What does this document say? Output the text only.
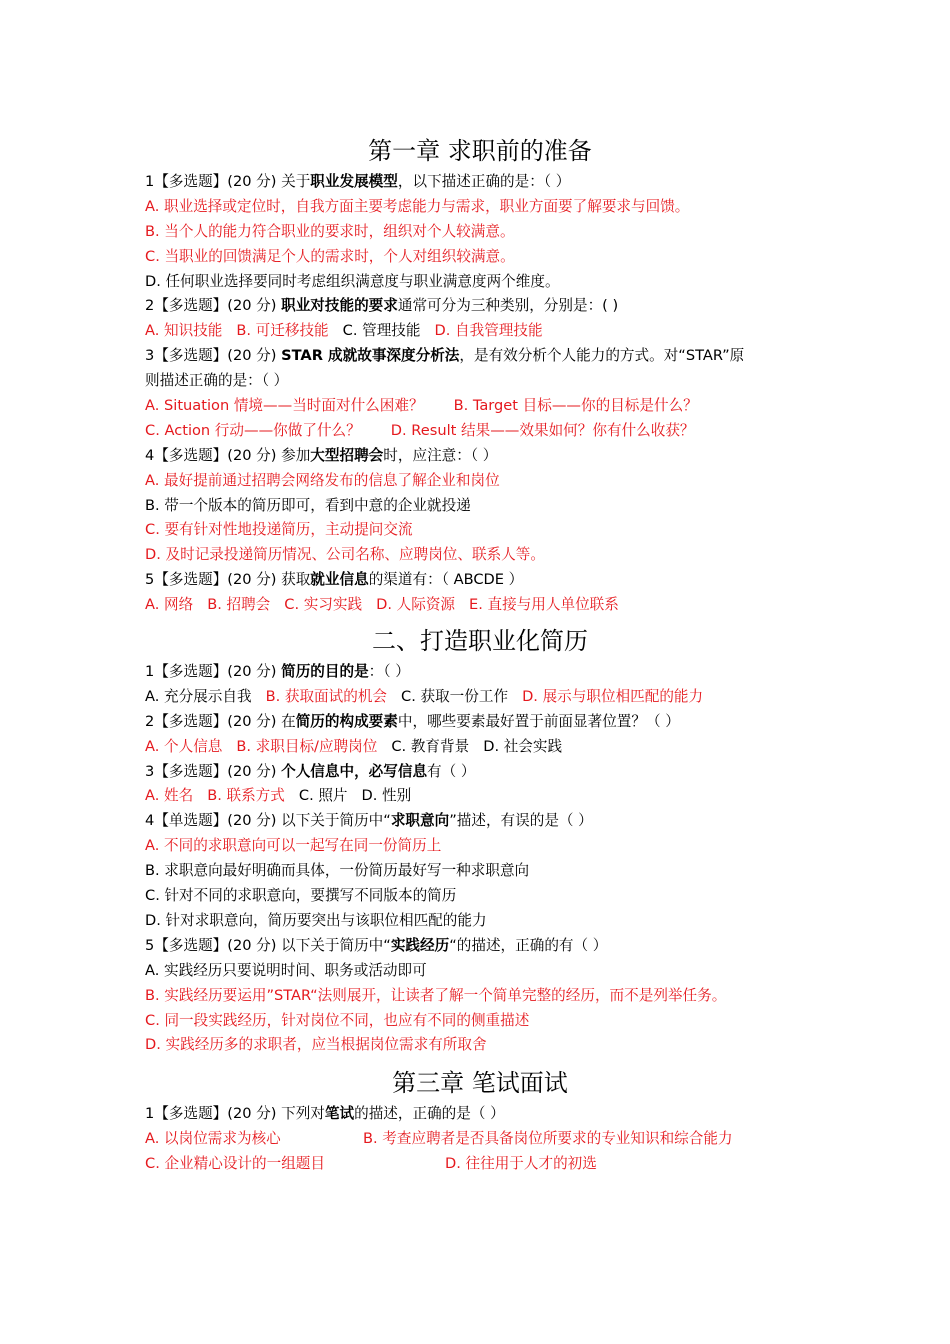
第一章 求职前的准备
1【多选题】(20 分) 关于职业发展模型，以下描述正确的是：（ ）
A. 职业选择或定位时，自我方面主要考虑能力与需求，职业方面要了解要求与回馈。
B. 当个人的能力符合职业的要求时，组织对个人较满意。
C. 当职业的回馈满足个人的需求时，个人对组织较满意。
D. 任何职业选择要同时考虑组织满意度与职业满意度两个维度。
2【多选题】(20 分) 职业对技能的要求通常可分为三种类别，分别是：( )
A. 知识技能 B. 可迁移技能 C. 管理技能 D. 自我管理技能
3【多选题】(20 分) STAR 成就故事深度分析法，是有效分析个人能力的方式。对“STAR”原
则描述正确的是：（ ）
A. Situation 情境——当时面对什么困难？ B. Target 目标——你的目标是什么？
C. Action 行动——你做了什么？ D. Result 结果——效果如何？你有什么收获？
4【多选题】(20 分) 参加大型招聘会时，应注意：（ ）
A. 最好提前通过招聘会网络发布的信息了解企业和岗位
B. 带一个版本的简历即可，看到中意的企业就投递
C. 要有针对性地投递简历，主动提问交流
D. 及时记录投递简历情况、公司名称、应聘岗位、联系人等。
5【多选题】(20 分) 获取就业信息的渠道有：（ ABCDE ）
A. 网络 B. 招聘会 C. 实习实践 D. 人际资源 E. 直接与用人单位联系
二、打造职业化简历
1【多选题】(20 分) 简历的目的是：（ ）
A. 充分展示自我 B. 获取面试的机会 C. 获取一份工作 D. 展示与职位相匹配的能力
2【多选题】(20 分) 在简历的构成要素中，哪些要素最好置于前面显著位置？（ ）
A. 个人信息 B. 求职目标/应聘岗位 C. 教育背景 D. 社会实践
3【多选题】(20 分) 个人信息中，必写信息有（ ）
A. 姓名 B. 联系方式 C. 照片 D. 性别
4【单选题】(20 分) 以下关于简历中“求职意向”描述，有误的是（ ）
A. 不同的求职意向可以一起写在同一份简历上
B. 求职意向最好明确而具体，一份简历最好写一种求职意向
C. 针对不同的求职意向，要撰写不同版本的简历
D. 针对求职意向，简历要突出与该职位相匹配的能力
5【多选题】(20 分) 以下关于简历中“实践经历“的描述，正确的有（ ）
A. 实践经历只要说明时间、职务或活动即可
B. 实践经历要运用”STAR“法则展开，让读者了解一个简单完整的经历，而不是列举任务。
C. 同一段实践经历，针对岗位不同，也应有不同的侧重描述
D. 实践经历多的求职者，应当根据岗位需求有所取舍
第三章 笔试面试
1【多选题】(20 分) 下列对笔试的描述，正确的是（ ）
A. 以岗位需求为核心	B. 考查应聘者是否具备岗位所要求的专业知识和综合能力
C. 企业精心设计的一组题目	D. 往往用于人才的初选
